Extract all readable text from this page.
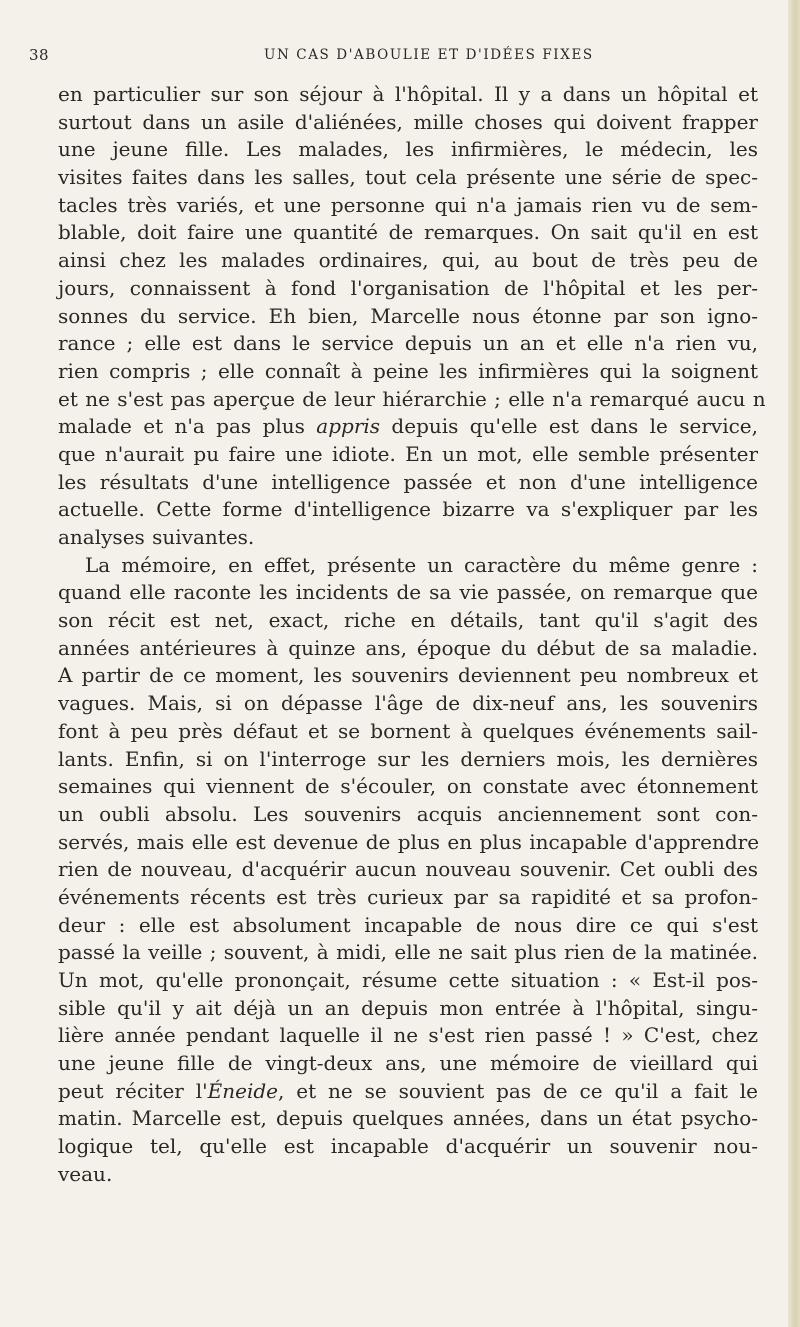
38	UN CAS D'ABOULIE ET D'IDÉES FIXES
en particulier sur son séjour à l'hôpital. Il y a dans un hôpital et
surtout dans un asile d'aliénées, mille choses qui doivent frapper
une jeune fille. Les malades, les infirmières, le médecin, les
visites faites dans les salles, tout cela présente une série de spec-
tacles très variés, et une personne qui n'a jamais rien vu de sem-
blable, doit faire une quantité de remarques. On sait qu'il en est
ainsi chez les malades ordinaires, qui, au bout de très peu de
jours, connaissent à fond l'organisation de l'hôpital et les per-
sonnes du service. Eh bien, Marcelle nous étonne par son igno-
rance ; elle est dans le service depuis un an et elle n'a rien vu,
rien compris ; elle connaît à peine les infirmières qui la soignent
et ne s'est pas aperçue de leur hiérarchie ; elle n'a remarqué aucu n
malade et n'a pas plus appris depuis qu'elle est dans le service,
que n'aurait pu faire une idiote. En un mot, elle semble présenter
les résultats d'une intelligence passée et non d'une intelligence
actuelle. Cette forme d'intelligence bizarre va s'expliquer par les
analyses suivantes.
La mémoire, en effet, présente un caractère du même genre :
quand elle raconte les incidents de sa vie passée, on remarque que
son récit est net, exact, riche en détails, tant qu'il s'agit des
années antérieures à quinze ans, époque du début de sa maladie.
A partir de ce moment, les souvenirs deviennent peu nombreux et
vagues. Mais, si on dépasse l'âge de dix-neuf ans, les souvenirs
font à peu près défaut et se bornent à quelques événements sail-
lants. Enfin, si on l'interroge sur les derniers mois, les dernières
semaines qui viennent de s'écouler, on constate avec étonnement
un oubli absolu. Les souvenirs acquis anciennement sont con-
servés, mais elle est devenue de plus en plus incapable d'apprendre
rien de nouveau, d'acquérir aucun nouveau souvenir. Cet oubli des
événements récents est très curieux par sa rapidité et sa profon-
deur : elle est absolument incapable de nous dire ce qui s'est
passé la veille ; souvent, à midi, elle ne sait plus rien de la matinée.
Un mot, qu'elle prononçait, résume cette situation : « Est-il pos-
sible qu'il y ait déjà un an depuis mon entrée à l'hôpital, singu-
lière année pendant laquelle il ne s'est rien passé ! » C'est, chez
une jeune fille de vingt-deux ans, une mémoire de vieillard qui
peut réciter l'Éneide, et ne se souvient pas de ce qu'il a fait le
matin. Marcelle est, depuis quelques années, dans un état psycho-
logique tel, qu'elle est incapable d'acquérir un souvenir nou-
veau.
